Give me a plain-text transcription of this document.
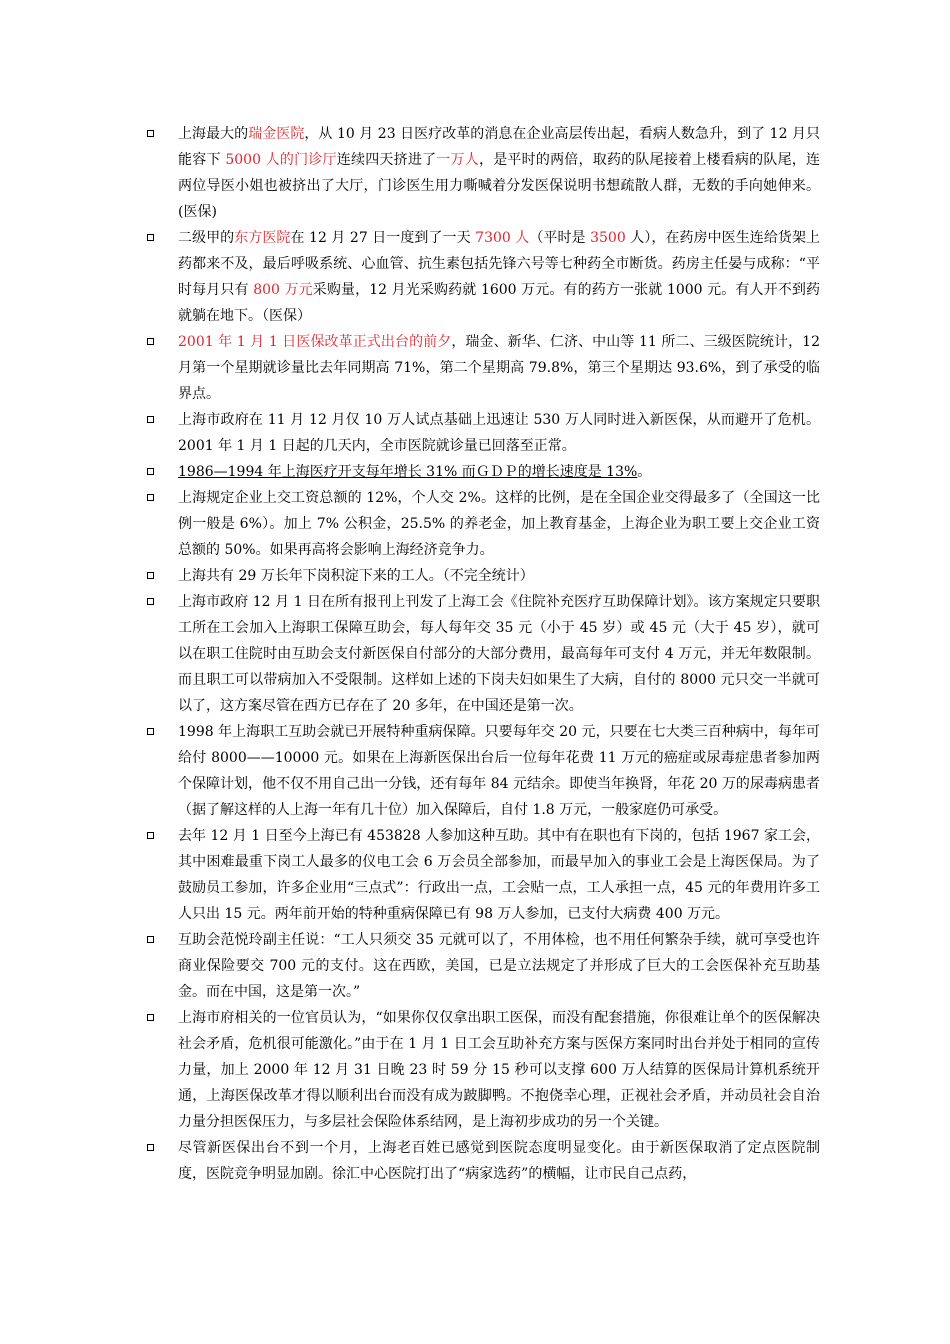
上海最大的瑞金医院，从 10 月 23 日医疗改革的消息在企业高层传出起，看病人数急升，到了 12 月只能容下 5000 人的门诊厅连续四天挤进了一万人，是平时的两倍，取药的队尾接着上楼看病的队尾，连两位导医小姐也被挤出了大厅，门诊医生用力嘶喊着分发医保说明书想疏散人群，无数的手向她伸来。(医保)
二级甲的东方医院在 12 月 27 日一度到了一天 7300 人（平时是 3500 人），在药房中医生连给货架上药都来不及，最后呼吸系统、心血管、抗生素包括先锋六号等七种药全市断货。药房主任晏与成称：“平时每月只有 800 万元采购量，12 月光采购药就 1600 万元。有的药方一张就 1000 元。有人开不到药就躺在地下。（医保）
2001 年 1 月 1 日医保改革正式出台的前夕，瑞金、新华、仁济、中山等 11 所二、三级医院统计，12 月第一个星期就诊量比去年同期高 71%，第二个星期高 79.8%，第三个星期达 93.6%，到了承受的临界点。
上海市政府在 11 月 12 月仅 10 万人试点基础上迅速让 530 万人同时进入新医保，从而避开了危机。2001 年 1 月 1 日起的几天内，全市医院就诊量已回落至正常。
1986—1994 年上海医疗开支每年增长 31% 而ＧＤＰ的增长速度是 13%。
上海规定企业上交工资总额的 12%，个人交 2%。这样的比例，是在全国企业交得最多了（全国这一比例一般是 6%）。加上 7% 公积金，25.5% 的养老金，加上教育基金，上海企业为职工要上交企业工资总额的 50%。如果再高将会影响上海经济竞争力。
上海共有 29 万长年下岗积淀下来的工人。（不完全统计）
上海市政府 12 月 1 日在所有报刊上刊发了上海工会《住院补充医疗互助保障计划》。该方案规定只要职工所在工会加入上海职工保障互助会，每人每年交 35 元（小于 45 岁）或 45 元（大于 45 岁），就可以在职工住院时由互助会支付新医保自付部分的大部分费用，最高每年可支付 4 万元，并无年数限制。而且职工可以带病加入不受限制。这样如上述的下岗夫妇如果生了大病，自付的 8000 元只交一半就可以了，这方案尽管在西方已存在了 20 多年，在中国还是第一次。
1998 年上海职工互助会就已开展特种重病保障。只要每年交 20 元，只要在七大类三百种病中，每年可给付 8000——10000 元。如果在上海新医保出台后一位每年花费 11 万元的癌症或尿毒症患者参加两个保障计划，他不仅不用自己出一分钱，还有每年 84 元结余。即使当年换肾，年花 20 万的尿毒病患者（据了解这样的人上海一年有几十位）加入保障后，自付 1.8 万元，一般家庭仍可承受。
去年 12 月 1 日至今上海已有 453828 人参加这种互助。其中有在职也有下岗的，包括 1967 家工会，其中困难最重下岗工人最多的仪电工会 6 万会员全部参加，而最早加入的事业工会是上海医保局。为了鼓励员工参加，许多企业用“三点式”：行政出一点，工会贴一点，工人承担一点，45 元的年费用许多工人只出 15 元。两年前开始的特种重病保障已有 98 万人参加，已支付大病费 400 万元。
互助会范悦玲副主任说：“工人只须交 35 元就可以了，不用体检，也不用任何繁杂手续，就可享受也许商业保险要交 700 元的支付。这在西欧，美国，已是立法规定了并形成了巨大的工会医保补充互助基金。而在中国，这是第一次。”
上海市府相关的一位官员认为，“如果你仅仅拿出职工医保，而没有配套措施，你很难让单个的医保解决社会矛盾，危机很可能激化。”由于在 1 月 1 日工会互助补充方案与医保方案同时出台并处于相同的宣传力量，加上 2000 年 12 月 31 日晚 23 时 59 分 15 秒可以支撑 600 万人结算的医保局计算机系统开通，上海医保改革才得以顺利出台而没有成为跛脚鸭。不抱侥幸心理，正视社会矛盾，并动员社会自治力量分担医保压力，与多层社会保险体系结网，是上海初步成功的另一个关键。
尽管新医保出台不到一个月，上海老百姓已感觉到医院态度明显变化。由于新医保取消了定点医院制度，医院竞争明显加剧。徐汇中心医院打出了“病家选药”的横幅，让市民自己点药，
